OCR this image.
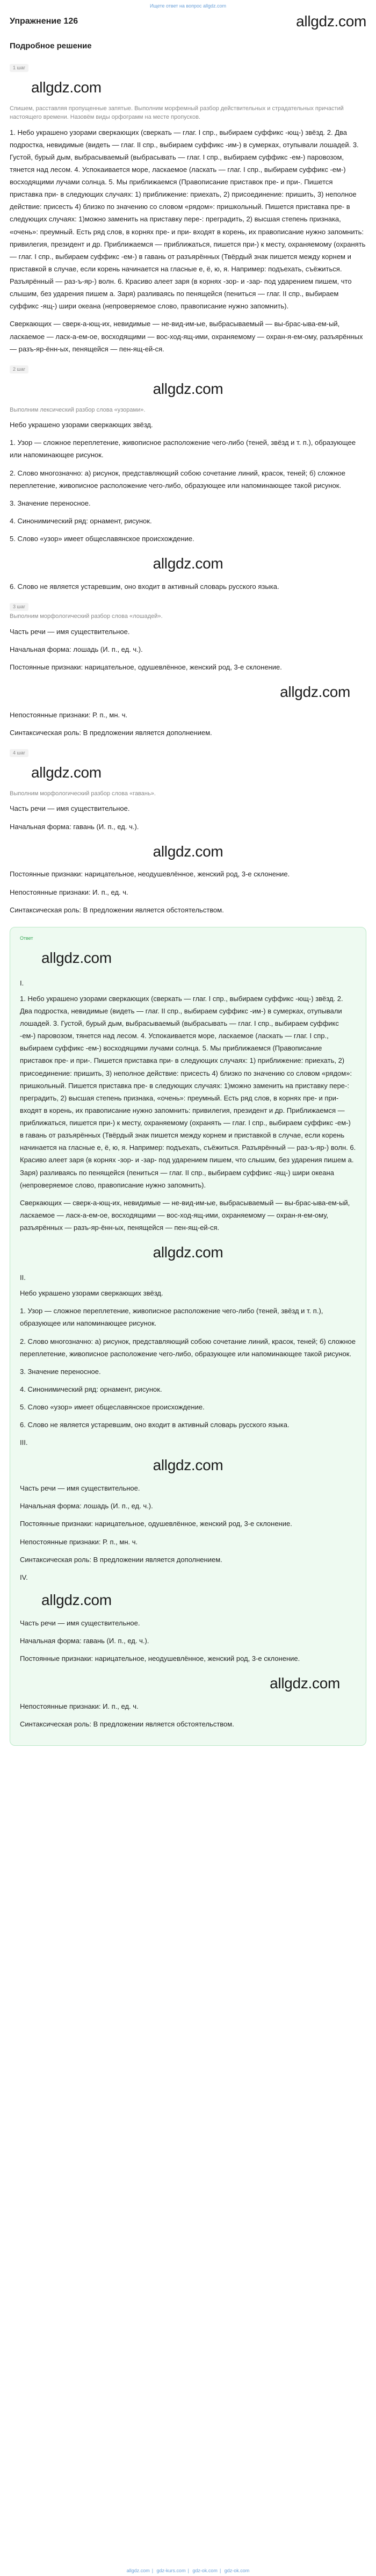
Ищете ответ на вопрос allgdz.com
Упражнение 126	allgdz.com
Подробное решение
1 шаг
allgdz.com
Спишем, расставляя пропущенные запятые. Выполним морфемный разбор действительных и страдательных причастий настоящего времени. Назовём виды орфограмм на месте пропусков.

1. Небо украшено узорами сверкающих (сверкать — глаг. I спр., выбираем суффикс -ющ-) звёзд. 2. Два подростка, невидимые (видеть — глаг. II спр., выбираем суффикс -им-) в сумерках, отупывали лошадей. 3. Густой, бурый дым, выбрасываемый (выбрасывать — глаг. I спр., выбираем суффикс -ем-) паровозом, тянется над лесом. 4. Успокаивается море, ласкаемое (ласкать — глаг. I спр., выбираем суффикс -ем-) восходящими лучами солнца. 5. Мы приближаемся (Правописание приставок пре- и при-. Пишется приставка при- в следующих случаях: 1) приближение: приехать, 2) присоединение: пришить, 3) неполное действие: присесть 4) близко по значению со словом «рядом»: пришкольный. Пишется приставка пре- в следующих случаях: 1)можно заменить на приставку пере-: преградить, 2) высшая степень признака, «очень»: преумный. Есть ряд слов, в корнях пре- и при- входят в корень, их правописание нужно запомнить: привилегия, президент и др. Приближаемся — приближаться, пишется при-) к месту, охраняемому (охранять — глаг. I спр., выбираем суффикс -ем-) в гавань от разъярённых (Твёрдый знак пишется между корнем и приставкой в случае, если корень начинается на гласные е, ё, ю, я. Например: подъехать, съёжиться. Разъярённый — раз-ъ-яр-) волн. 6. Красиво алеет заря (в корнях -зор- и -зар- под ударением пишем, что слышим, без ударения пишем а. Заря) разливаясь по пенящейся (пениться — глаг. II спр., выбираем суффикс -ящ-) шири океана (непроверяемое слово, правописание нужно запомнить).

Сверкающих — сверк-а-ющ-их, невидимые — не-вид-им-ые, выбрасываемый — вы-брас-ыва-ем-ый, ласкаемое — ласк-а-ем-ое, восходящими — вос-ход-ящ-ими, охраняемому — охран-я-ем-ому, разъярённых — разъ-яр-ённ-ых, пенящейся — пен-ящ-ей-ся.

2 шаг
allgdz.com
Выполним лексический разбор слова «узорами».

Небо украшено узорами сверкающих звёзд.

1. Узор — сложное переплетение, живописное расположение чего-либо (теней, звёзд и т. п.), образующее или напоминающее рисунок.

2. Слово многозначно: а) рисунок, представляющий собою сочетание линий, красок, теней; б) сложное переплетение, живописное расположение чего-либо, образующее или напоминающее такой рисунок.

3. Значение переносное.

4. Синонимический ряд: орнамент, рисунок.

5. Слово «узор» имеет общеславянское происхождение.

allgdz.com

6. Слово не является устаревшим, оно входит в активный словарь русского языка.

3 шаг
Выполним морфологический разбор слова «лошадей».

Часть речи — имя существительное.

Начальная форма: лошадь (И. п., ед. ч.).

Постоянные признаки: нарицательное, одушевлённое, женский род, 3-е склонение.

allgdz.com

Непостоянные признаки: Р. п., мн. ч.

Синтаксическая роль: В предложении является дополнением.

4 шаг
allgdz.com
Выполним морфологический разбор слова «гавань».

Часть речи — имя существительное.

Начальная форма: гавань (И. п., ед. ч.).

allgdz.com

Постоянные признаки: нарицательное, неодушевлённое, женский род, 3-е склонение.

Непостоянные признаки: И. п., ед. ч.

Синтаксическая роль: В предложении является обстоятельством.

Ответ
allgdz.com
I.

1. Небо украшено узорами сверкающих (сверкать — глаг. I спр., выбираем суффикс -ющ-) звёзд. 2. Два подростка, невидимые (видеть — глаг. II спр., выбираем суффикс -им-) в сумерках, отупывали лошадей. 3. Густой, бурый дым, выбрасываемый (выбрасывать — глаг. I спр., выбираем суффикс -ем-) паровозом, тянется над лесом. 4. Успокаивается море, ласкаемое (ласкать — глаг. I спр., выбираем суффикс -ем-) восходящими лучами солнца. 5. Мы приближаемся (Правописание приставок пре- и при-. Пишется приставка при- в следующих случаях: 1) приближение: приехать, 2) присоединение: пришить, 3) неполное действие: присесть 4) близко по значению со словом «рядом»: пришкольный. Пишется приставка пре- в следующих случаях: 1)можно заменить на приставку пере-: преградить, 2) высшая степень признака, «очень»: преумный. Есть ряд слов, в корнях пре- и при- входят в корень, их правописание нужно запомнить: привилегия, президент и др. Приближаемся — приближаться, пишется при-) к месту, охраняемому (охранять — глаг. I спр., выбираем суффикс -ем-) в гавань от разъярённых (Твёрдый знак пишется между корнем и приставкой в случае, если корень начинается на гласные е, ё, ю, я. Например: подъехать, съёжиться. Разъярённый — раз-ъ-яр-) волн. 6. Красиво алеет заря (в корнях -зор- и -зар- под ударением пишем, что слышим, без ударения пишем а. Заря) разливаясь по пенящейся (пениться — глаг. II спр., выбираем суффикс -ящ-) шири океана (непроверяемое слово, правописание нужно запомнить).

Сверкающих — сверк-а-ющ-их, невидимые — не-вид-им-ые, выбрасываемый — вы-брас-ыва-ем-ый, ласкаемое — ласк-а-ем-ое, восходящими — вос-ход-ящ-ими, охраняемому — охран-я-ем-ому, разъярённых — разъ-яр-ённ-ых, пенящейся — пен-ящ-ей-ся.

allgdz.com
II.

Небо украшено узорами сверкающих звёзд.

1. Узор — сложное переплетение, живописное расположение чего-либо (теней, звёзд и т. п.), образующее или напоминающее рисунок.

2. Слово многозначно: а) рисунок, представляющий собою сочетание линий, красок, теней; б) сложное переплетение, живописное расположение чего-либо, образующее или напоминающее такой рисунок.

3. Значение переносное.

4. Синонимический ряд: орнамент, рисунок.

5. Слово «узор» имеет общеславянское происхождение.

6. Слово не является устаревшим, оно входит в активный словарь русского языка.

III.
allgdz.com

Часть речи — имя существительное.

Начальная форма: лошадь (И. п., ед. ч.).

Постоянные признаки: нарицательное, одушевлённое, женский род, 3-е склонение.

Непостоянные признаки: Р. п., мн. ч.

Синтаксическая роль: В предложении является дополнением.

IV.
allgdz.com

Часть речи — имя существительное.

Начальная форма: гавань (И. п., ед. ч.).

Постоянные признаки: нарицательное, неодушевлённое, женский род, 3-е склонение.

allgdz.com

Непостоянные признаки: И. п., ед. ч.

Синтаксическая роль: В предложении является обстоятельством.

allgdz.com | gdz-kurs.com | gdz-ok.com | gdz-ok.com
